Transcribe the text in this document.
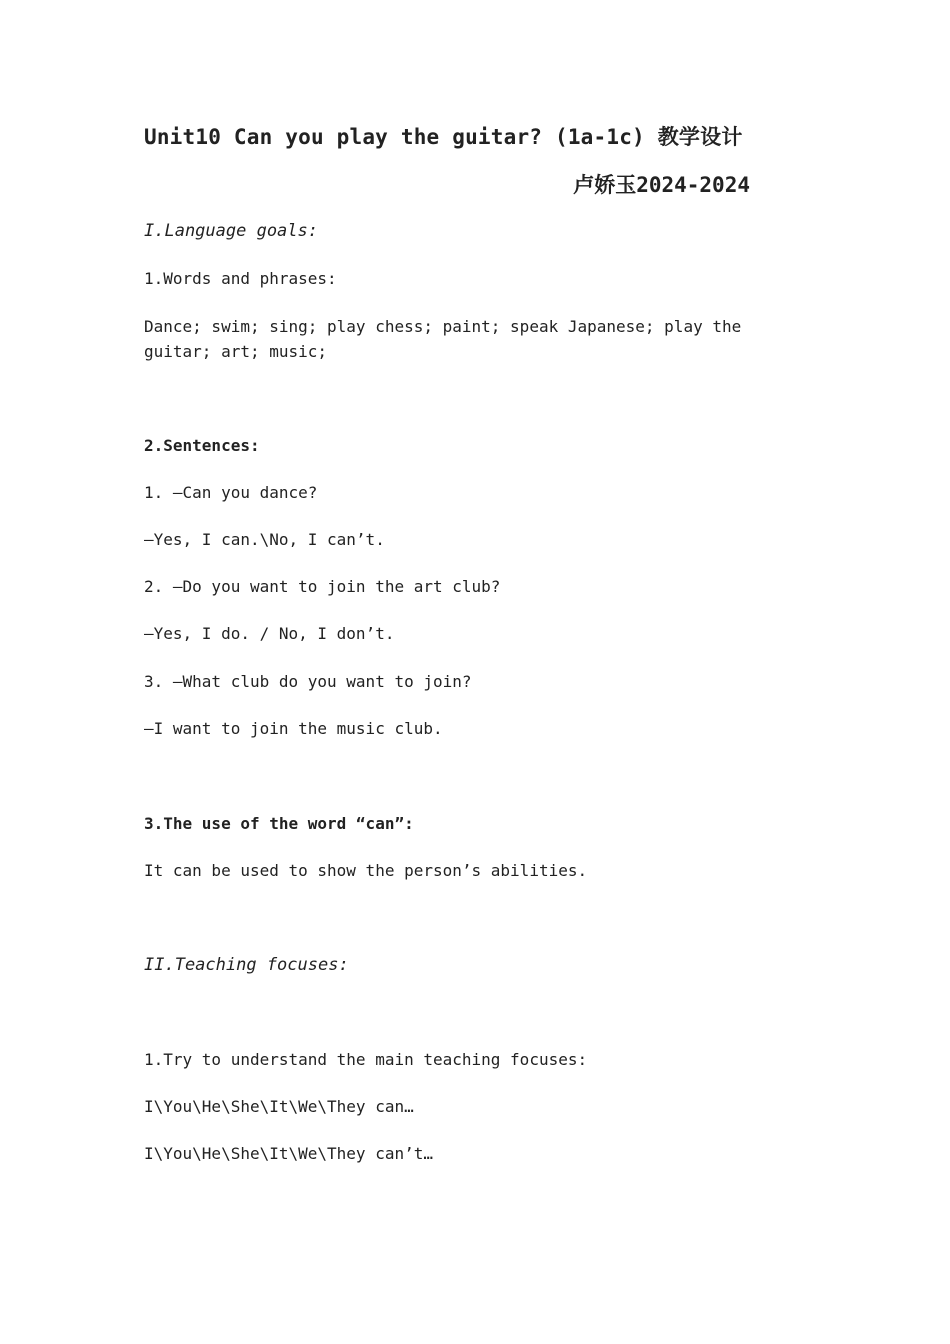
Unit10 Can you play the guitar? (1a-1c) 教学设计
卢娇玉2024-2024
I.Language goals:
1.Words and phrases:
Dance; swim; sing; play chess; paint; speak Japanese; play the guitar; art; music;
2.Sentences:
1. —Can you dance?
—Yes, I can.\No, I can’t.
2. —Do you want to join the art club?
—Yes, I do. / No, I don’t.
3. —What club do you want to join?
—I want to join the music club.
3.The use of the word “can”:
It can be used to show the person’s abilities.
II.Teaching focuses:
1.Try to understand the main teaching focuses:
I\You\He\She\It\We\They can…
I\You\He\She\It\We\They can’t…
